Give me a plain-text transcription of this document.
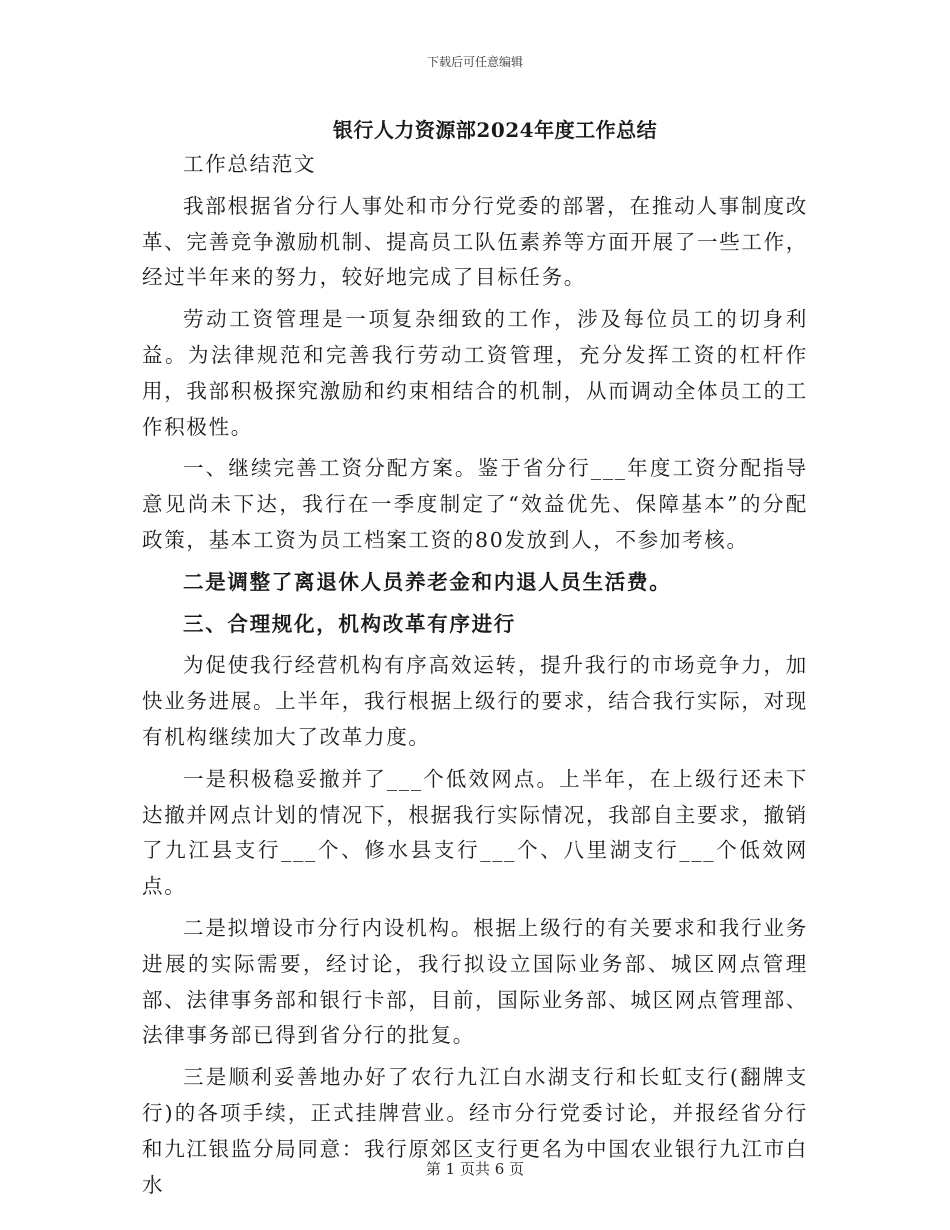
下载后可任意编辑
银行人力资源部2024年度工作总结

工作总结范文

我部根据省分行人事处和市分行党委的部署，在推动人事制度改革、完善竞争激励机制、提高员工队伍素养等方面开展了一些工作，经过半年来的努力，较好地完成了目标任务。

劳动工资管理是一项复杂细致的工作，涉及每位员工的切身利益。为法律规范和完善我行劳动工资管理，充分发挥工资的杠杆作用，我部积极探究激励和约束相结合的机制，从而调动全体员工的工作积极性。

一、继续完善工资分配方案。鉴于省分行___年度工资分配指导意见尚未下达，我行在一季度制定了“效益优先、保障基本”的分配政策，基本工资为员工档案工资的80发放到人，不参加考核。

二是调整了离退休人员养老金和内退人员生活费。

三、合理规化，机构改革有序进行

为促使我行经营机构有序高效运转，提升我行的市场竞争力，加快业务进展。上半年，我行根据上级行的要求，结合我行实际，对现有机构继续加大了改革力度。

一是积极稳妥撤并了___个低效网点。上半年，在上级行还未下达撤并网点计划的情况下，根据我行实际情况，我部自主要求，撤销了九江县支行___个、修水县支行___个、八里湖支行___个低效网点。

二是拟增设市分行内设机构。根据上级行的有关要求和我行业务进展的实际需要，经讨论，我行拟设立国际业务部、城区网点管理部、法律事务部和银行卡部，目前，国际业务部、城区网点管理部、法律事务部已得到省分行的批复。

三是顺利妥善地办好了农行九江白水湖支行和长虹支行(翻牌支行)的各项手续，正式挂牌营业。经市分行党委讨论，并报经省分行和九江银监分局同意：我行原郊区支行更名为中国农业银行九江市白水

第 1 页共 6 页
